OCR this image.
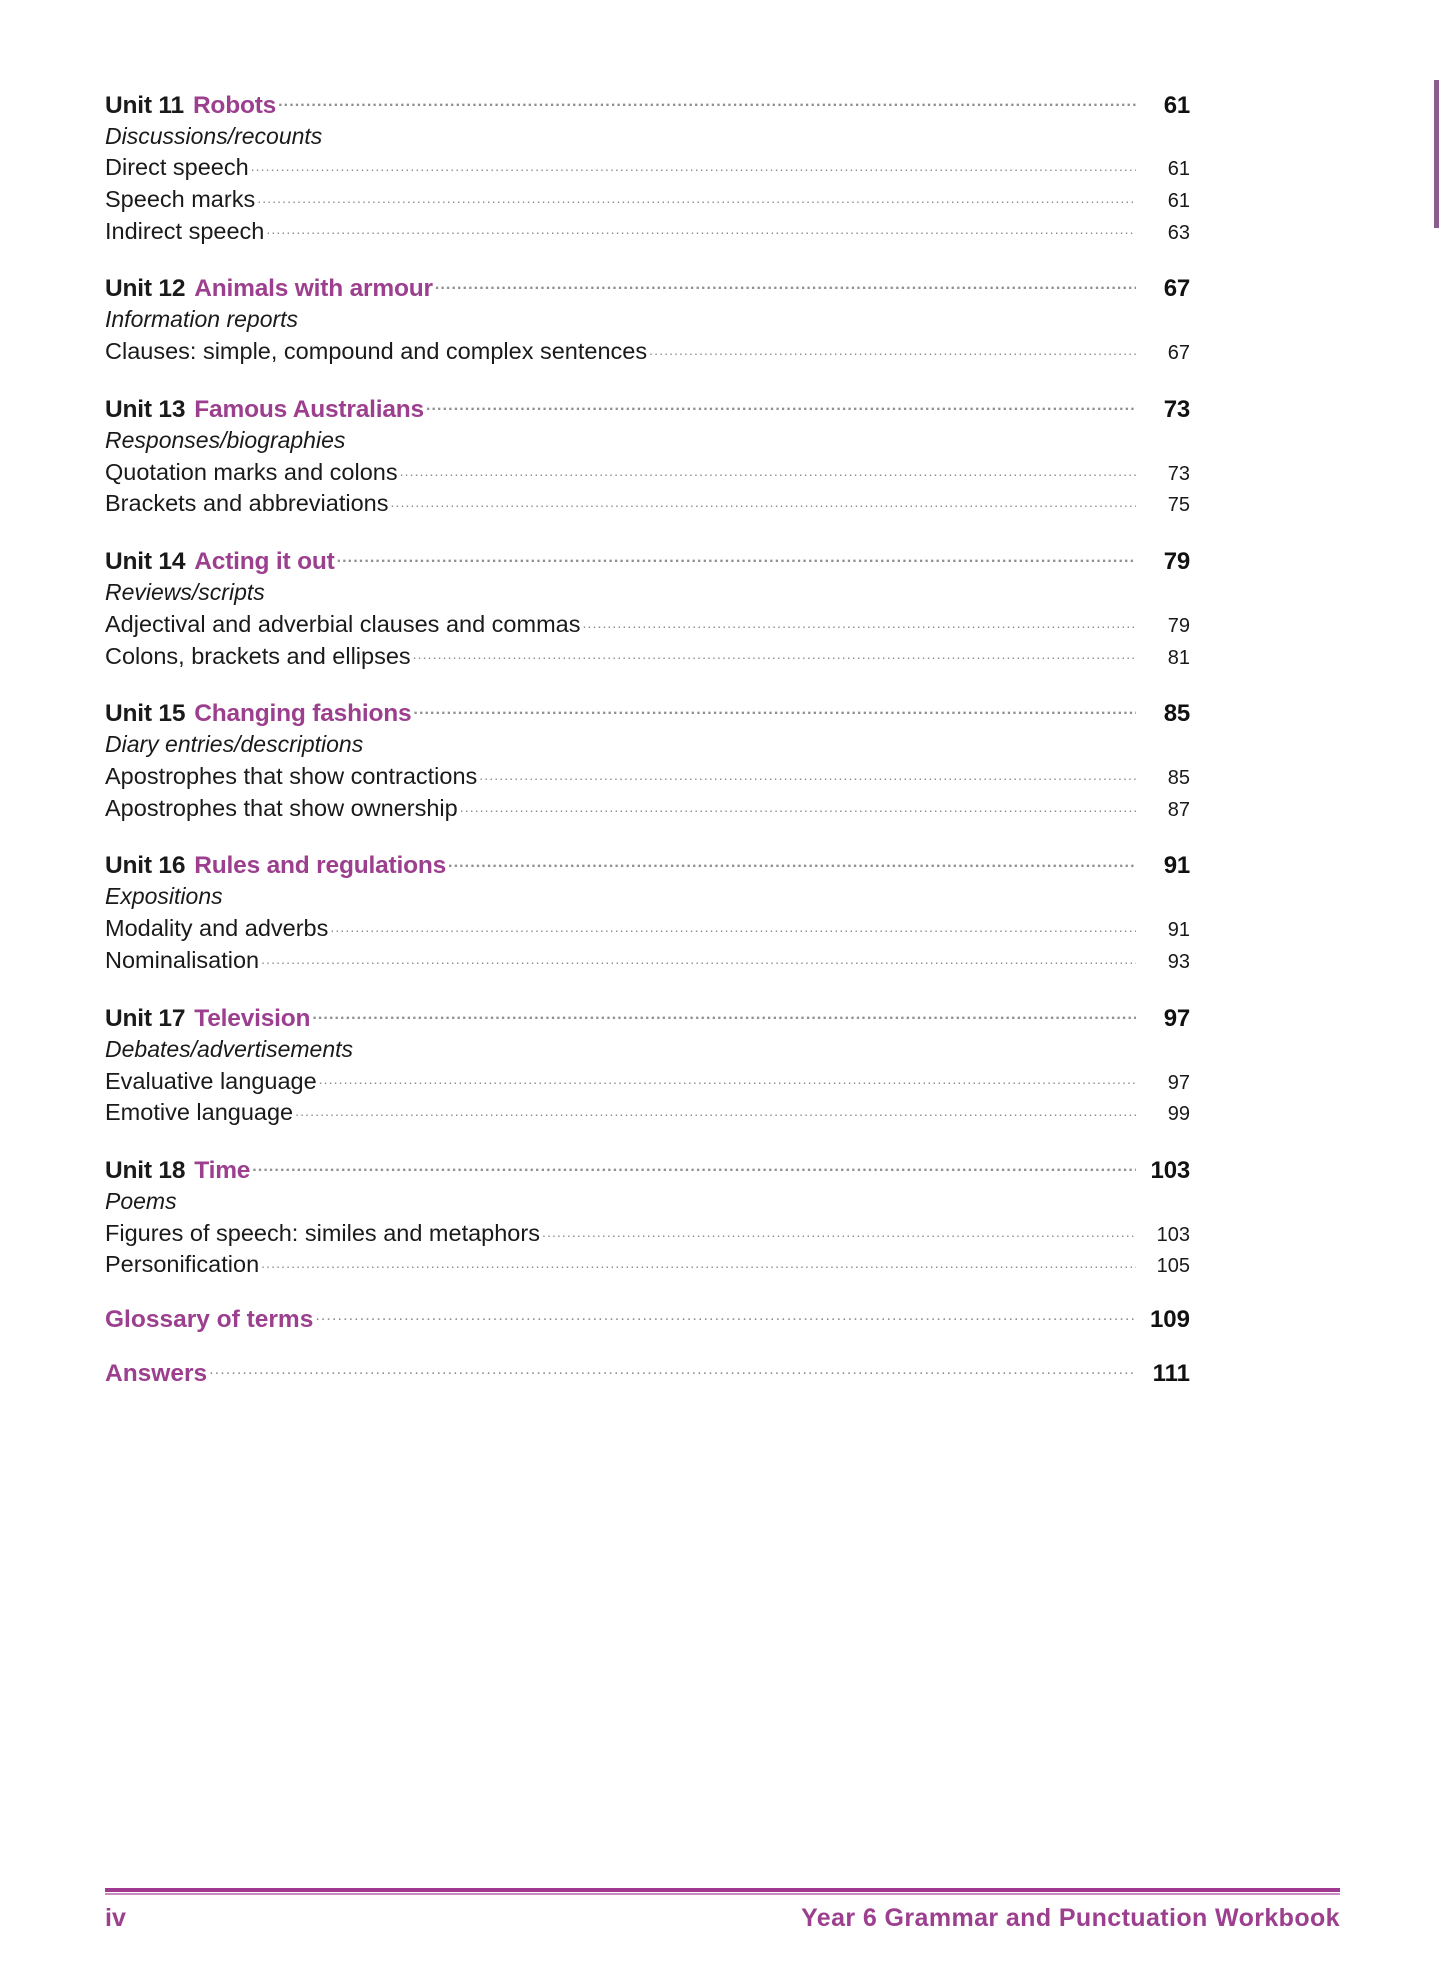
Unit 11 Robots .....	61
Discussions/recounts
Direct speech .....	61
Speech marks .....	61
Indirect speech .....	63
Unit 12 Animals with armour .....	67
Information reports
Clauses: simple, compound and complex sentences .....	67
Unit 13 Famous Australians .....	73
Responses/biographies
Quotation marks and colons .....	73
Brackets and abbreviations .....	75
Unit 14 Acting it out .....	79
Reviews/scripts
Adjectival and adverbial clauses and commas .....	79
Colons, brackets and ellipses .....	81
Unit 15 Changing fashions .....	85
Diary entries/descriptions
Apostrophes that show contractions .....	85
Apostrophes that show ownership .....	87
Unit 16 Rules and regulations .....	91
Expositions
Modality and adverbs .....	91
Nominalisation .....	93
Unit 17 Television .....	97
Debates/advertisements
Evaluative language .....	97
Emotive language .....	99
Unit 18 Time .....	103
Poems
Figures of speech: similes and metaphors .....	103
Personification .....	105
Glossary of terms .....	109
Answers .....	111
iv	Year 6 Grammar and Punctuation Workbook
